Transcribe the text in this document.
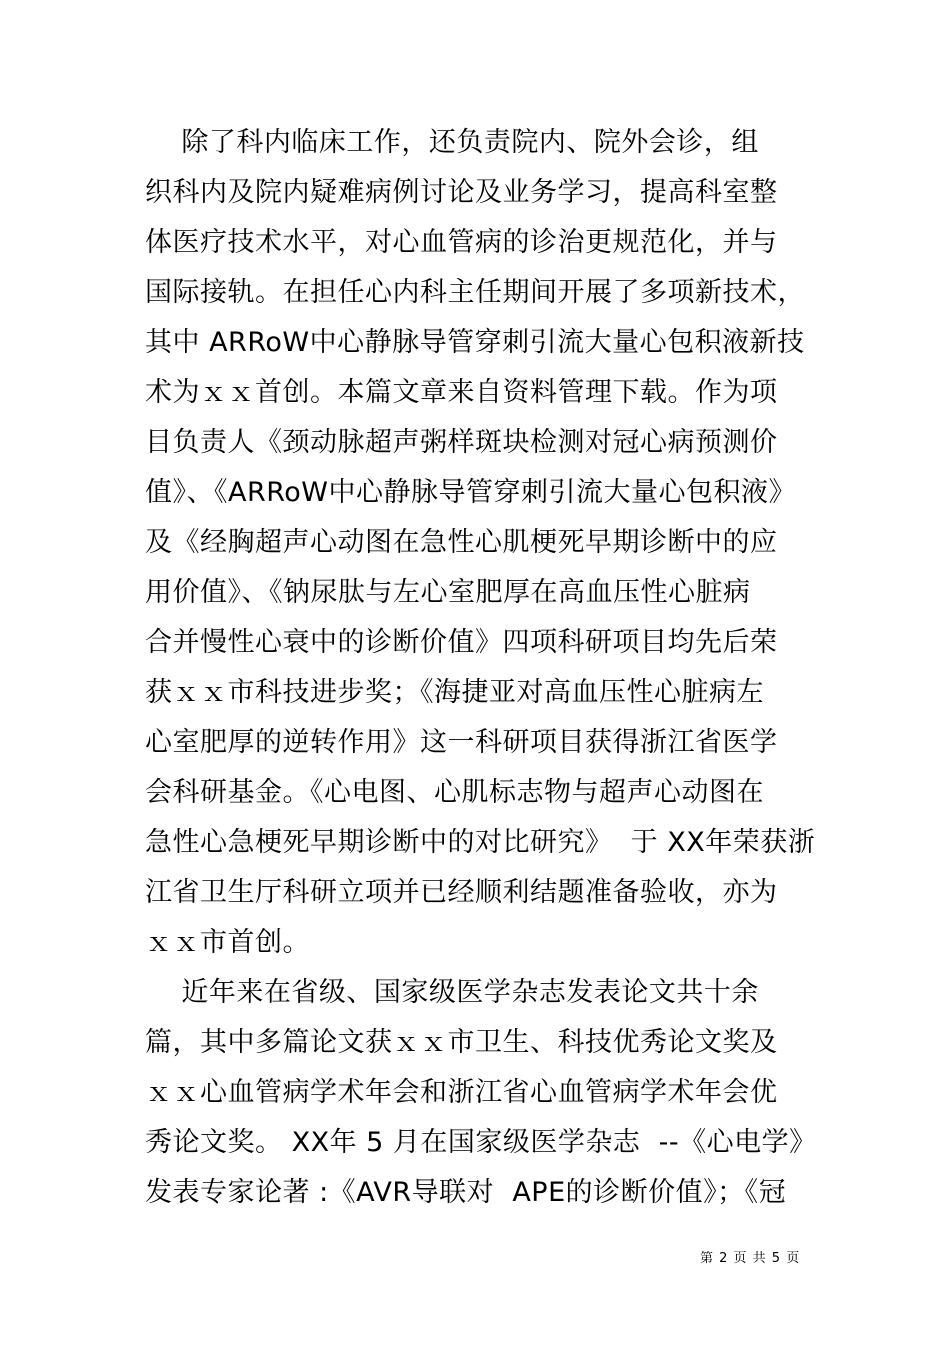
除了科内临床工作，还负责院内、院外会诊，组
织科内及院内疑难病例讨论及业务学习，提高科室整
体医疗技术水平，对心血管病的诊治更规范化，并与
国际接轨。在担任心内科主任期间开展了多项新技术，
其中 ARRoW中心静脉导管穿刺引流大量心包积液新技
术为ｘｘ首创。本篇文章来自资料管理下载。作为项
目负责人《颈动脉超声粥样斑块检测对冠心病预测价
值》、《ARRoW中心静脉导管穿刺引流大量心包积液》
及《经胸超声心动图在急性心肌梗死早期诊断中的应
用价值》、《钠尿肽与左心室肥厚在高血压性心脏病
合并慢性心衰中的诊断价值》四项科研项目均先后荣
获ｘｘ市科技进步奖；《海捷亚对高血压性心脏病左
心室肥厚的逆转作用》这一科研项目获得浙江省医学
会科研基金。《心电图、心肌标志物与超声心动图在
急性心急梗死早期诊断中的对比研究》  于 XX年荣获浙
江省卫生厅科研立项并已经顺利结题准备验收，亦为
ｘｘ市首创。
近年来在省级、国家级医学杂志发表论文共十余
篇，其中多篇论文获ｘｘ市卫生、科技优秀论文奖及
ｘｘ心血管病学术年会和浙江省心血管病学术年会优
秀论文奖。 XX年 5 月在国家级医学杂志  --《心电学》
发表专家论著 :《AVR导联对  APE的诊断价值》；《冠
第 2 页 共 5 页
